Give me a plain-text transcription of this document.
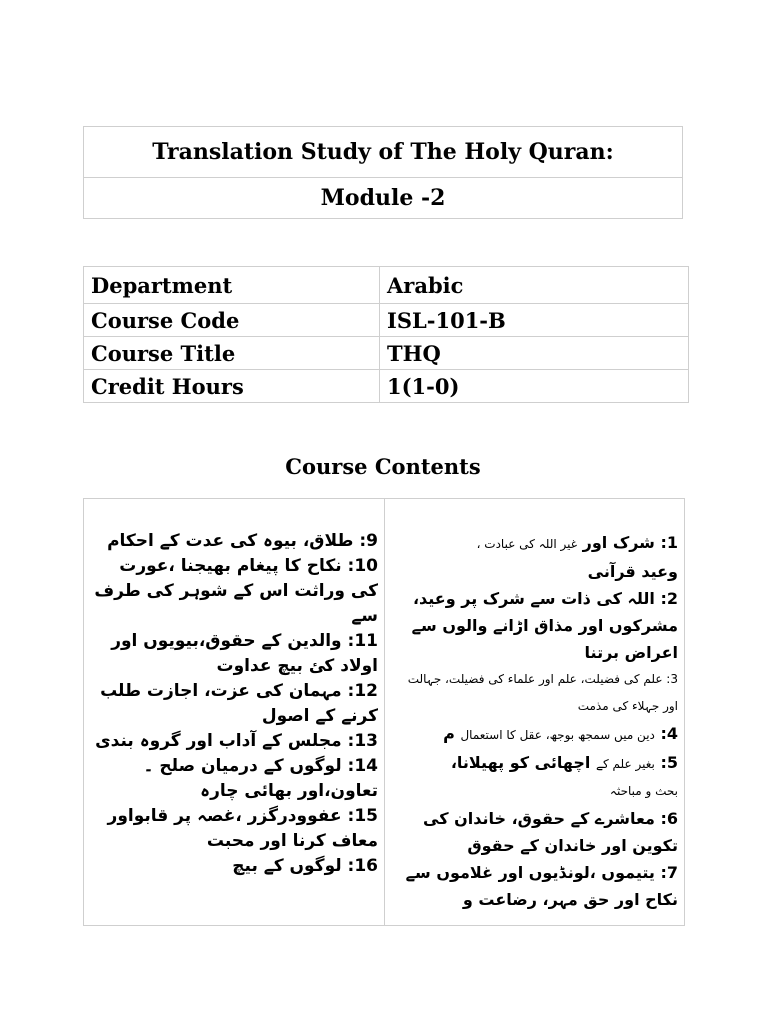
Translation Study of The Holy Quran:
Module -2
Department	Arabic
Course Code	ISL-101-B
Course Title	THQ
Credit Hours	1(1-0)
Course Contents

1: شرک اور غیر اللہ کی عبادت ،

وعید قرآنی

2: اللہ کی ذات سے شرک پر وعید، مشرکوں اور مذاق اڑانے والوں سے اعراض برتنا

3: علم کی فضیلت، علم اور علماء کی فضیلت، جہالت اور جہلاء کی مذمت

4: دین میں سمجھ بوجھ، عقل کا استعمال م

5: بغیر علم کے اچھائی کو پھیلانا،

بحث و مباحثہ

6: معاشرے کے حقوق، خاندان کی تکوین اور خاندان کے حقوق

7: یتیموں ،لونڈیوں اور غلاموں سے نکاح اور حق مہر، رضاعت و

9: طلاق، بیوہ کی عدت کے احکام

10: نکاح کا پیغام بھیجنا ،عورت کی وراثت اس کے شوہر کی طرف سے

11: والدین کے حقوق،بیویوں اور اولاد کئ بیچ عداوت

12: مہمان کی عزت، اجازت طلب کرنے کے اصول

13: مجلس کے آداب اور گروہ بندی

14: لوگوں کے درمیان صلح ۔ تعاون،اور بھائی چارہ

15: عفوودرگزر ،غصہ پر قابواور معاف کرنا اور محبت

16: لوگوں کے بیچ
